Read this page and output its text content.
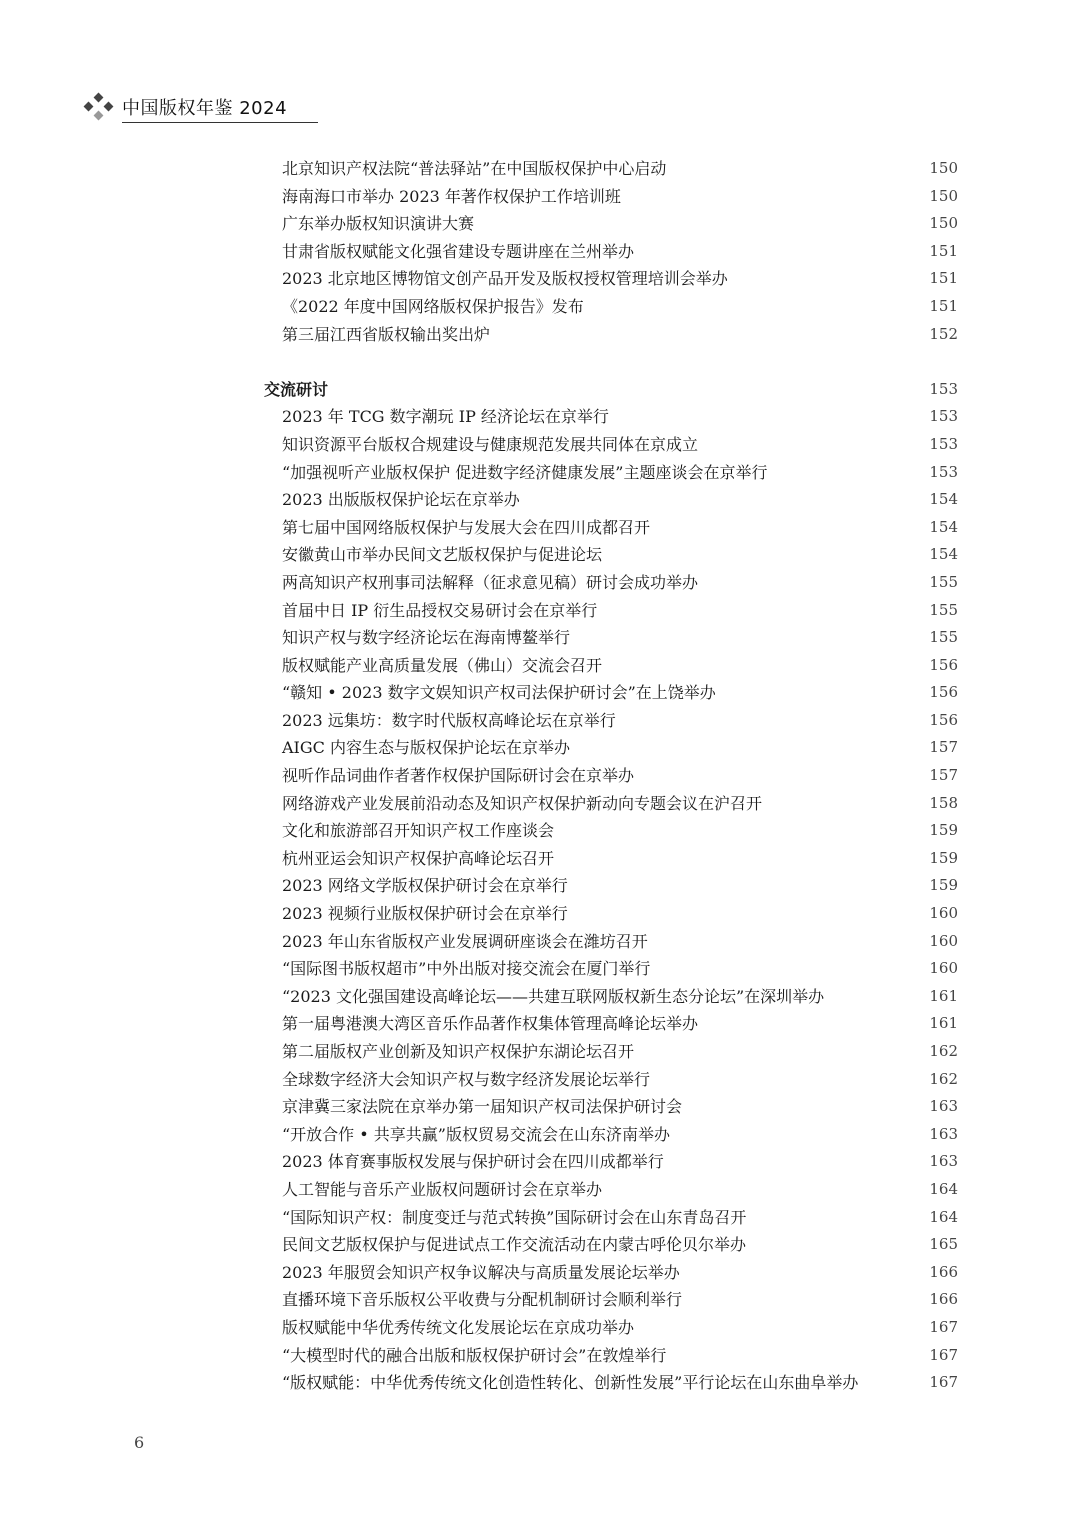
中国版权年鉴 2024
北京知识产权法院“普法驿站”在中国版权保护中心启动	150
海南海口市举办 2023 年著作权保护工作培训班	150
广东举办版权知识演讲大赛	150
甘肃省版权赋能文化强省建设专题讲座在兰州举办	151
2023 北京地区博物馆文创产品开发及版权授权管理培训会举办	151
《2022 年度中国网络版权保护报告》发布	151
第三届江西省版权输出奖出炉	152
交流研讨	153
2023 年 TCG 数字潮玩 IP 经济论坛在京举行	153
知识资源平台版权合规建设与健康规范发展共同体在京成立	153
“加强视听产业版权保护 促进数字经济健康发展”主题座谈会在京举行	153
2023 出版版权保护论坛在京举办	154
第七届中国网络版权保护与发展大会在四川成都召开	154
安徽黄山市举办民间文艺版权保护与促进论坛	154
两高知识产权刑事司法解释（征求意见稿）研讨会成功举办	155
首届中日 IP 衍生品授权交易研讨会在京举行	155
知识产权与数字经济论坛在海南博鳌举行	155
版权赋能产业高质量发展（佛山）交流会召开	156
“赣知 • 2023 数字文娱知识产权司法保护研讨会”在上饶举办	156
2023 远集坊：数字时代版权高峰论坛在京举行	156
AIGC 内容生态与版权保护论坛在京举办	157
视听作品词曲作者著作权保护国际研讨会在京举办	157
网络游戏产业发展前沿动态及知识产权保护新动向专题会议在沪召开	158
文化和旅游部召开知识产权工作座谈会	159
杭州亚运会知识产权保护高峰论坛召开	159
2023 网络文学版权保护研讨会在京举行	159
2023 视频行业版权保护研讨会在京举行	160
2023 年山东省版权产业发展调研座谈会在潍坊召开	160
“国际图书版权超市”中外出版对接交流会在厦门举行	160
“2023 文化强国建设高峰论坛——共建互联网版权新生态分论坛”在深圳举办	161
第一届粤港澳大湾区音乐作品著作权集体管理高峰论坛举办	161
第二届版权产业创新及知识产权保护东湖论坛召开	162
全球数字经济大会知识产权与数字经济发展论坛举行	162
京津冀三家法院在京举办第一届知识产权司法保护研讨会	163
“开放合作 • 共享共赢”版权贸易交流会在山东济南举办	163
2023 体育赛事版权发展与保护研讨会在四川成都举行	163
人工智能与音乐产业版权问题研讨会在京举办	164
“国际知识产权：制度变迁与范式转换”国际研讨会在山东青岛召开	164
民间文艺版权保护与促进试点工作交流活动在内蒙古呼伦贝尔举办	165
2023 年服贸会知识产权争议解决与高质量发展论坛举办	166
直播环境下音乐版权公平收费与分配机制研讨会顺利举行	166
版权赋能中华优秀传统文化发展论坛在京成功举办	167
“大模型时代的融合出版和版权保护研讨会”在敦煌举行	167
“版权赋能：中华优秀传统文化创造性转化、创新性发展”平行论坛在山东曲阜举办	167
6
